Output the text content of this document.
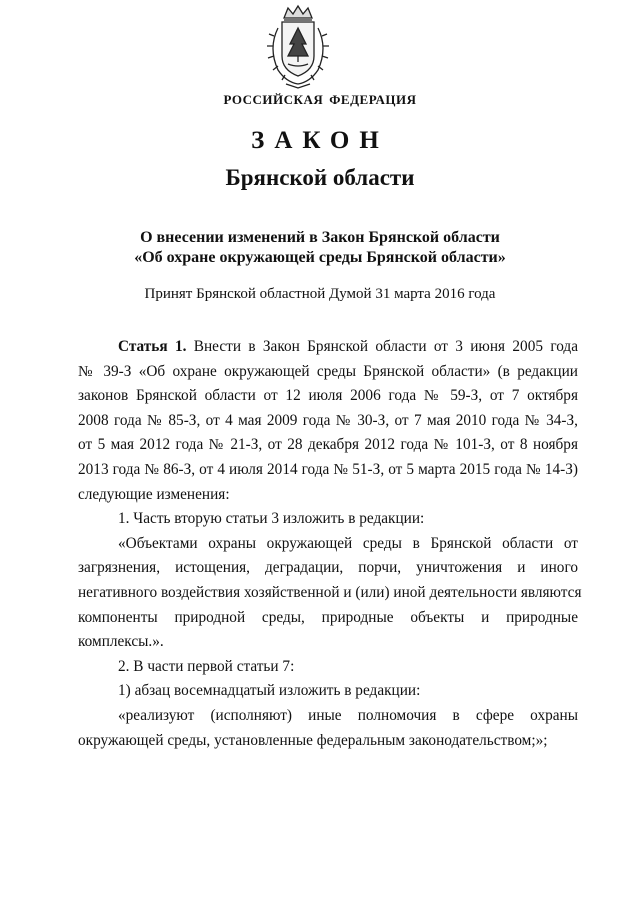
РОССИЙСКАЯ ФЕДЕРАЦИЯ
ЗАКОН
Брянской области
О внесении изменений в Закон Брянской области
«Об охране окружающей среды Брянской области»
Принят Брянской областной Думой 31 марта 2016 года
Статья 1. Внести в Закон Брянской области от 3 июня 2005 года
№ 39-З «Об охране окружающей среды Брянской области» (в редакции
законов Брянской области от 12 июля 2006 года № 59-З, от 7 октября
2008 года № 85-З, от 4 мая 2009 года № 30-З, от 7 мая 2010 года № 34-З,
от 5 мая 2012 года № 21-З, от 28 декабря 2012 года № 101-З, от 8 ноября
2013 года № 86-З, от 4 июля 2014 года № 51-З, от 5 марта 2015 года № 14-З)
следующие изменения:
1. Часть вторую статьи 3 изложить в редакции:
«Объектами охраны окружающей среды в Брянской области от
загрязнения, истощения, деградации, порчи, уничтожения и иного
негативного воздействия хозяйственной и (или) иной деятельности являются
компоненты природной среды, природные объекты и природные
комплексы.».
2. В части первой статьи 7:
1) абзац восемнадцатый изложить в редакции:
«реализуют (исполняют) иные полномочия в сфере охраны
окружающей среды, установленные федеральным законодательством;»;
